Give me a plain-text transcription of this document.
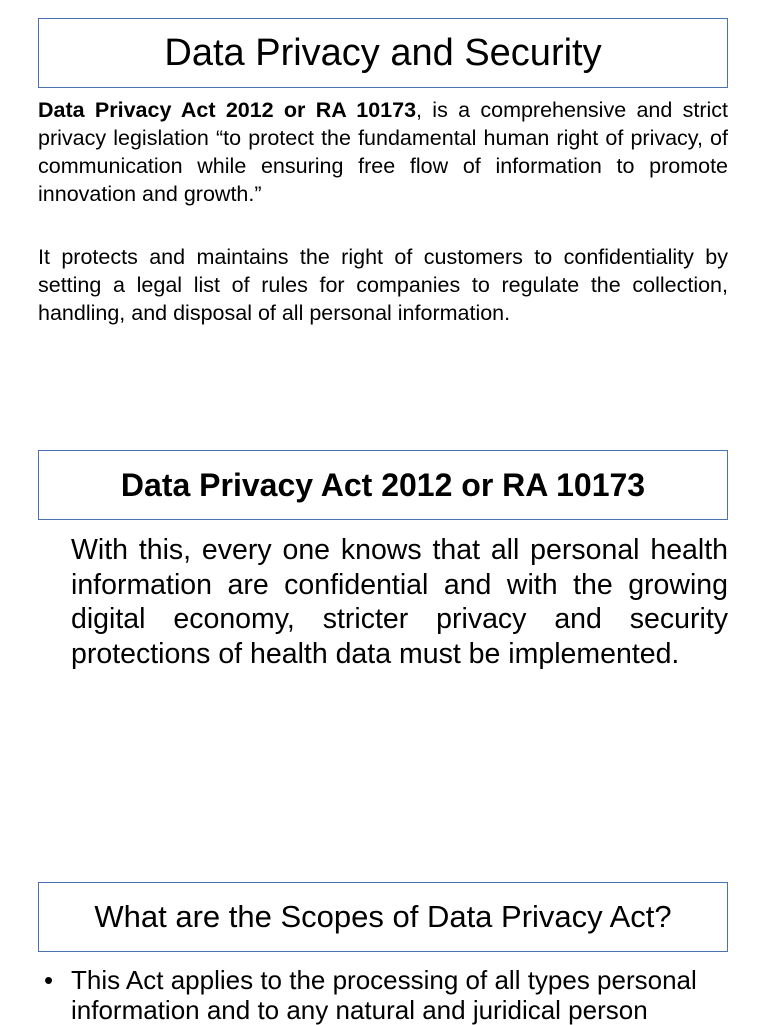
Data Privacy and Security

Data Privacy Act 2012 or RA 10173, is a comprehensive and strict privacy legislation “to protect the fundamental human right of privacy, of communication while ensuring free flow of information to promote innovation and growth.”

It protects and maintains the right of customers to confidentiality by setting a legal list of rules for companies to regulate the collection, handling, and disposal of all personal information.

Data Privacy Act 2012 or RA 10173

With this, every one knows that all personal health information are confidential and with the growing digital economy, stricter privacy and security protections of health data must be implemented.

What are the Scopes of Data Privacy Act?
• This Act applies to the processing of all types personal information and to any natural and juridical person
